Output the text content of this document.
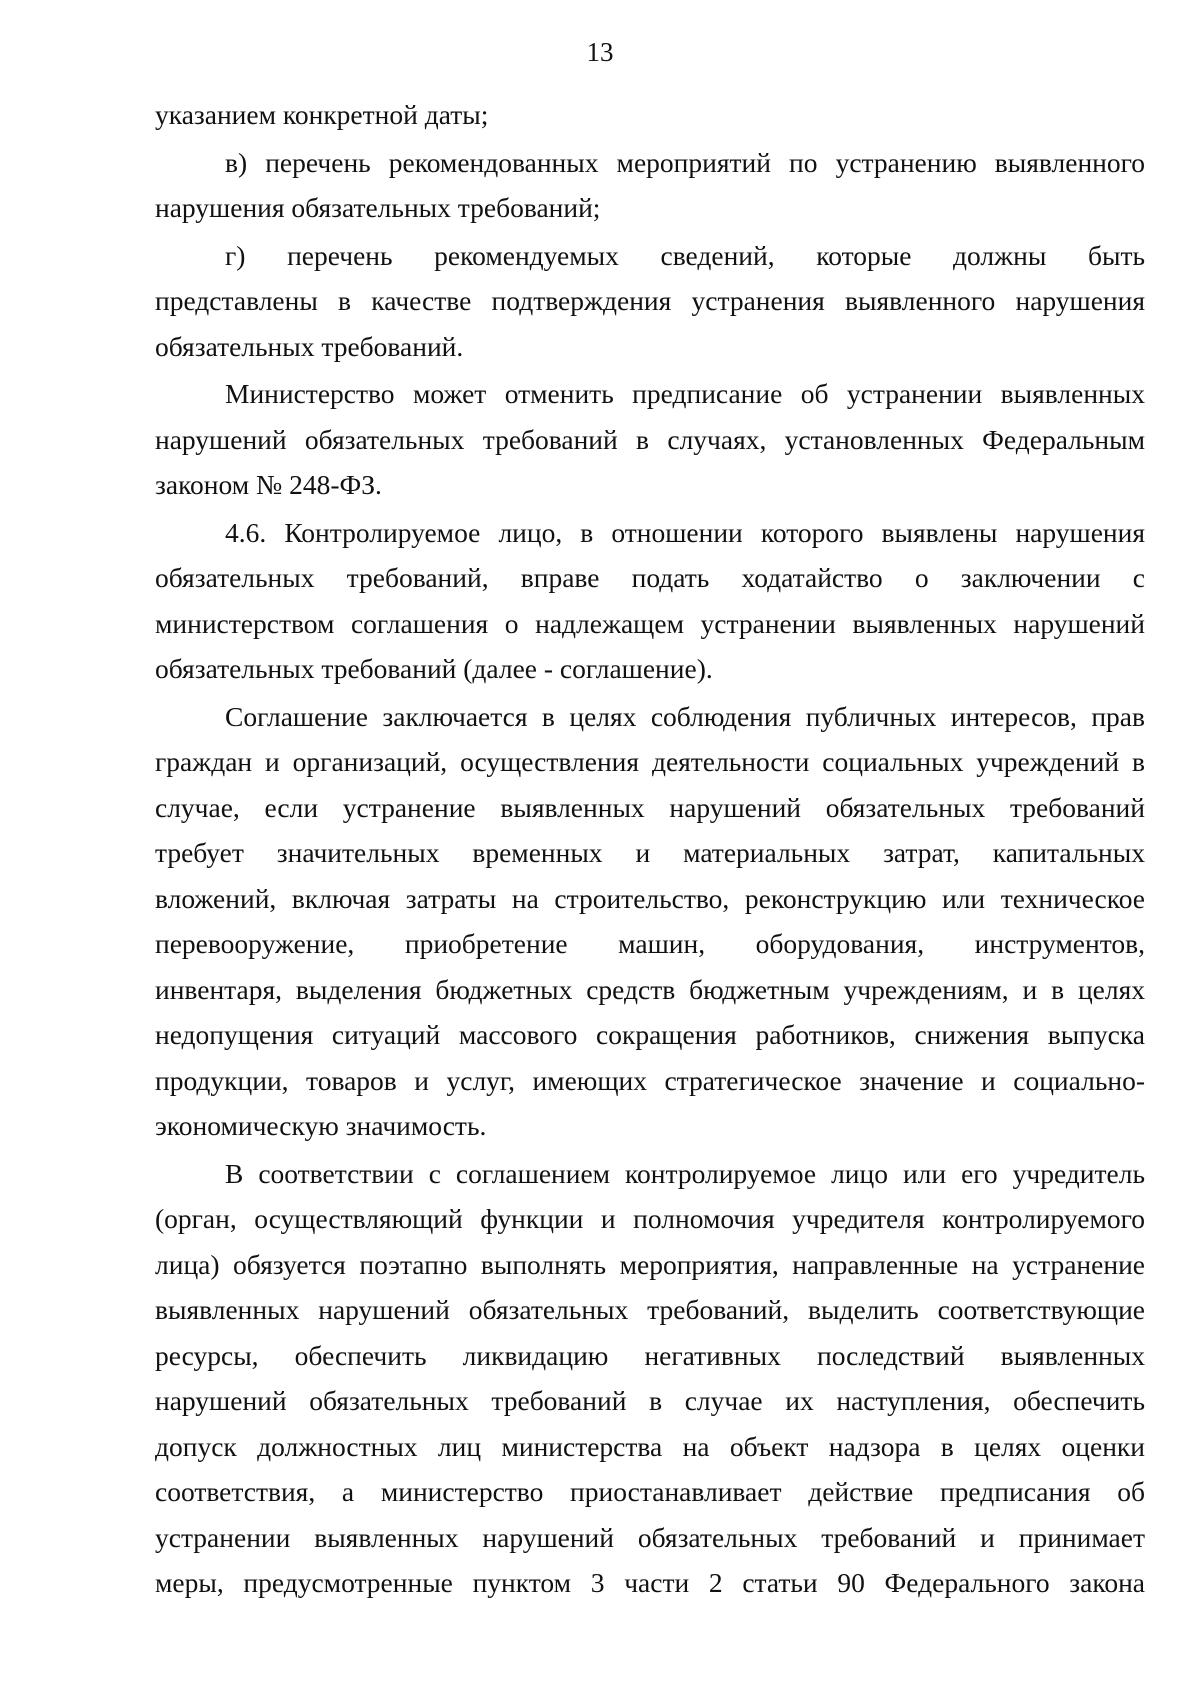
13
указанием конкретной даты;
в) перечень рекомендованных мероприятий по устранению выявленного
нарушения обязательных требований;
г) перечень рекомендуемых сведений, которые должны быть
представлены в качестве подтверждения устранения выявленного нарушения
обязательных требований.
Министерство может отменить предписание об устранении выявленных
нарушений обязательных требований в случаях, установленных Федеральным
законом № 248-ФЗ.
4.6. Контролируемое лицо, в отношении которого выявлены нарушения
обязательных требований, вправе подать ходатайство о заключении с
министерством соглашения о надлежащем устранении выявленных нарушений
обязательных требований (далее - соглашение).
Соглашение заключается в целях соблюдения публичных интересов, прав
граждан и организаций, осуществления деятельности социальных учреждений в
случае, если устранение выявленных нарушений обязательных требований
требует значительных временных и материальных затрат, капитальных
вложений, включая затраты на строительство, реконструкцию или техническое
перевооружение, приобретение машин, оборудования, инструментов,
инвентаря, выделения бюджетных средств бюджетным учреждениям, и в целях
недопущения ситуаций массового сокращения работников, снижения выпуска
продукции, товаров и услуг, имеющих стратегическое значение и социально-
экономическую значимость.
В соответствии с соглашением контролируемое лицо или его учредитель
(орган, осуществляющий функции и полномочия учредителя контролируемого
лица) обязуется поэтапно выполнять мероприятия, направленные на устранение
выявленных нарушений обязательных требований, выделить соответствующие
ресурсы, обеспечить ликвидацию негативных последствий выявленных
нарушений обязательных требований в случае их наступления, обеспечить
допуск должностных лиц министерства на объект надзора в целях оценки
соответствия, а министерство приостанавливает действие предписания об
устранении выявленных нарушений обязательных требований и принимает
меры, предусмотренные пунктом 3 части 2 статьи 90 Федерального закона
